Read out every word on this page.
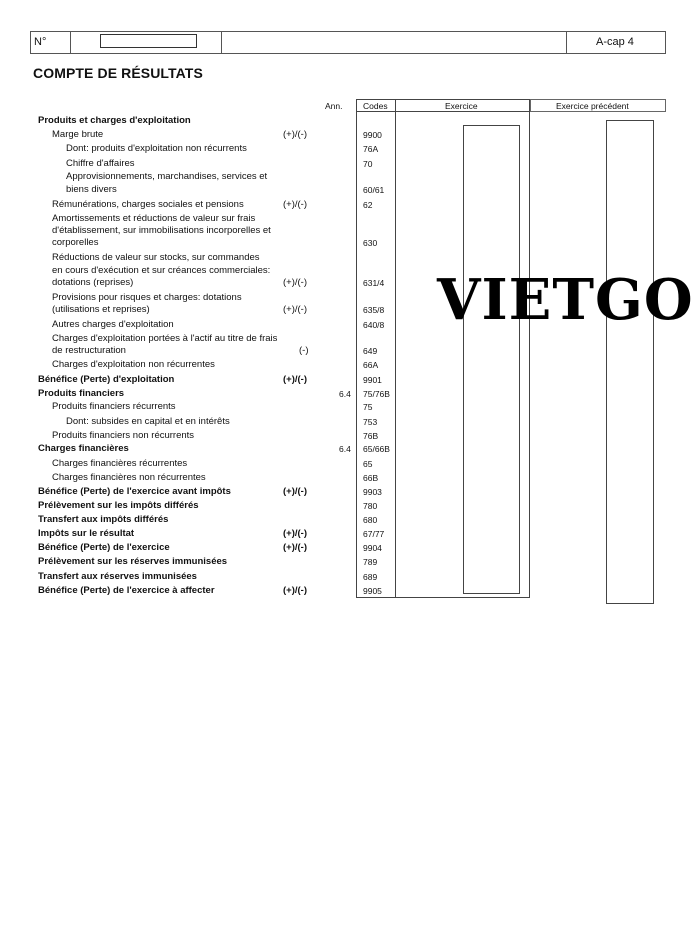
N°	A-cap 4
COMPTE DE RÉSULTATS
Ann. Codes	Exercice	Exercice précédent
VIETGO
Produits et charges d'exploitation
Marge brute	(+)/(-)	9900
Dont: produits d'exploitation non récurrents	76A
Chiffre d'affaires	70
Approvisionnements, marchandises, services et
biens divers	60/61
Rémunérations, charges sociales et pensions	(+)/(-)	62
Amortissements et réductions de valeur sur frais
d'établissement, sur immobilisations incorporelles et
corporelles	630
Réductions de valeur sur stocks, sur commandes
en cours d'exécution et sur créances commerciales:
dotations (reprises)	(+)/(-)	631/4
Provisions pour risques et charges: dotations
(utilisations et reprises)	(+)/(-)	635/8
Autres charges d'exploitation	640/8
Charges d'exploitation portées à l'actif au titre de frais
de restructuration	(-)	649
Charges d'exploitation non récurrentes	66A
Bénéfice (Perte) d'exploitation	(+)/(-)	9901
Produits financiers	6.4 75/76B
Produits financiers récurrents	75
Dont: subsides en capital et en intérêts	753
Produits financiers non récurrents	76B
Charges financières	6.4 65/66B
Charges financières récurrentes	65
Charges financières non récurrentes	66B
Bénéfice (Perte) de l'exercice avant impôts	(+)/(-)	9903
Prélèvement sur les impôts différés	780
Transfert aux impôts différés	680
Impôts sur le résultat	(+)/(-)	67/77
Bénéfice (Perte) de l'exercice	(+)/(-)	9904
Prélèvement sur les réserves immunisées	789
Transfert aux réserves immunisées	689
Bénéfice (Perte) de l'exercice à affecter	(+)/(-)	9905
